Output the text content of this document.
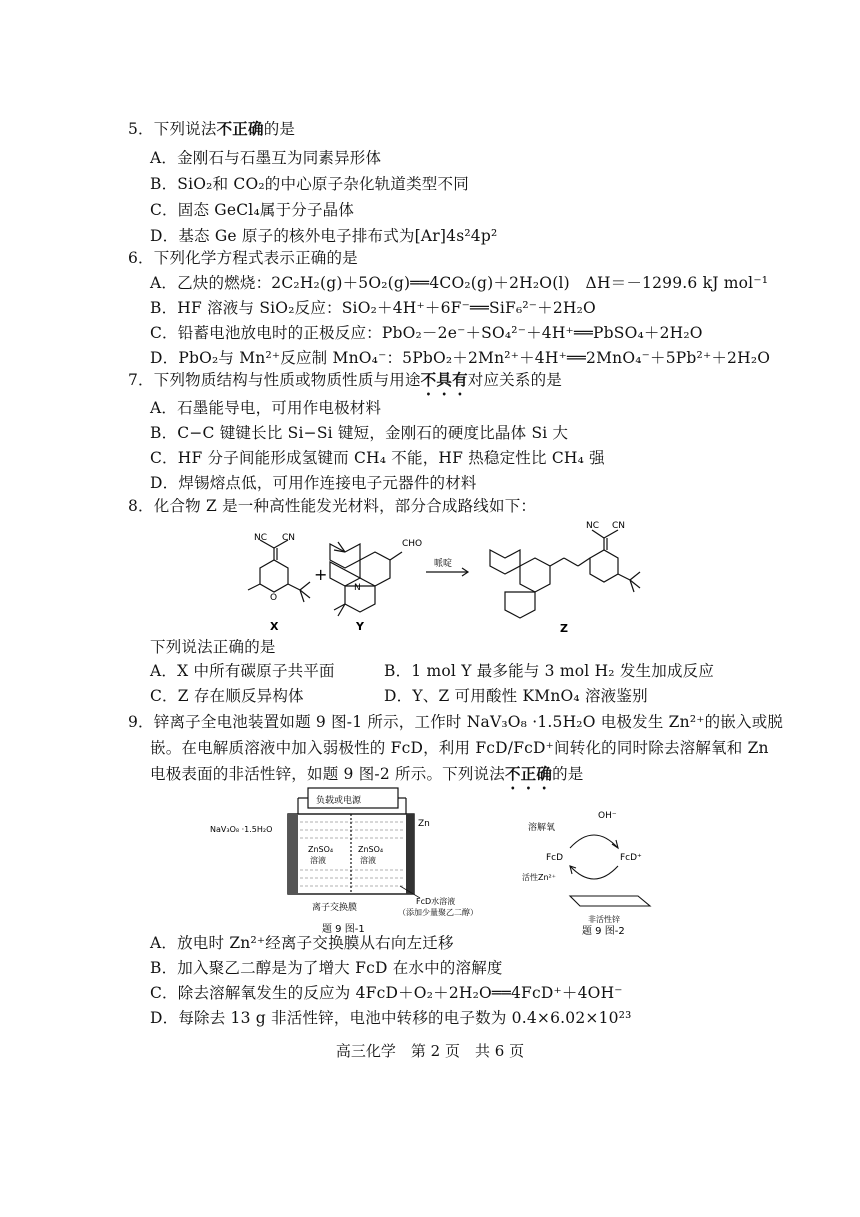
5．下列说法不正确的是
A．金刚石与石墨互为同素异形体
B．SiO₂和 CO₂的中心原子杂化轨道类型不同
C．固态 GeCl₄属于分子晶体
D．基态 Ge 原子的核外电子排布式为[Ar]4s²4p²
6．下列化学方程式表示正确的是
A．乙炔的燃烧：2C₂H₂(g)＋5O₂(g)══4CO₂(g)＋2H₂O(l)　ΔH＝－1299.6 kJ mol⁻¹
B．HF 溶液与 SiO₂反应：SiO₂＋4H⁺＋6F⁻══SiF₆²⁻＋2H₂O
C．铅蓄电池放电时的正极反应：PbO₂－2e⁻＋SO₄²⁻＋4H⁺══PbSO₄＋2H₂O
D．PbO₂与 Mn²⁺反应制 MnO₄⁻：5PbO₂＋2Mn²⁺＋4H⁺══2MnO₄⁻＋5Pb²⁺＋2H₂O
7．下列物质结构与性质或物质性质与用途不具有对应关系的是
A．石墨能导电，可用作电极材料
B．C−C 键键长比 Si−Si 键短，金刚石的硬度比晶体 Si 大
C．HF 分子间能形成氢键而 CH₄ 不能，HF 热稳定性比 CH₄ 强
D．焊锡熔点低，可用作连接电子元器件的材料
8．化合物 Z 是一种高性能发光材料，部分合成路线如下：
NC CN
O
+
CHO
N
哌啶
NC CN
X	Y	Z
下列说法正确的是
A．X 中所有碳原子共平面	B．1 mol Y 最多能与 3 mol H₂ 发生加成反应
C．Z 存在顺反异构体	D．Y、Z 可用酸性 KMnO₄ 溶液鉴别
9．锌离子全电池装置如题 9 图-1 所示，工作时 NaV₃O₈ ·1.5H₂O 电极发生 Zn²⁺的嵌入或脱
嵌。在电解质溶液中加入弱极性的 FcD，利用 FcD/FcD⁺间转化的同时除去溶解氧和 Zn
电极表面的非活性锌，如题 9 图-2 所示。下列说法不正确的是
离子交换膜
负载或电源
NaV₃O₈ ·1.5H₂O
Zn
ZnSO₄
溶液
ZnSO₄
溶液
FcD水溶液
（添加少量聚乙二醇）
题 9 图-1
溶解氧
OH⁻
FcD	FcD⁺
活性Zn²⁺
非活性锌
题 9 图-2
A．放电时 Zn²⁺经离子交换膜从右向左迁移
B．加入聚乙二醇是为了增大 FcD 在水中的溶解度
C．除去溶解氧发生的反应为 4FcD＋O₂＋2H₂O══4FcD⁺＋4OH⁻
D．每除去 13 g 非活性锌，电池中转移的电子数为 0.4×6.02×10²³
高三化学　第 2 页　共 6 页
